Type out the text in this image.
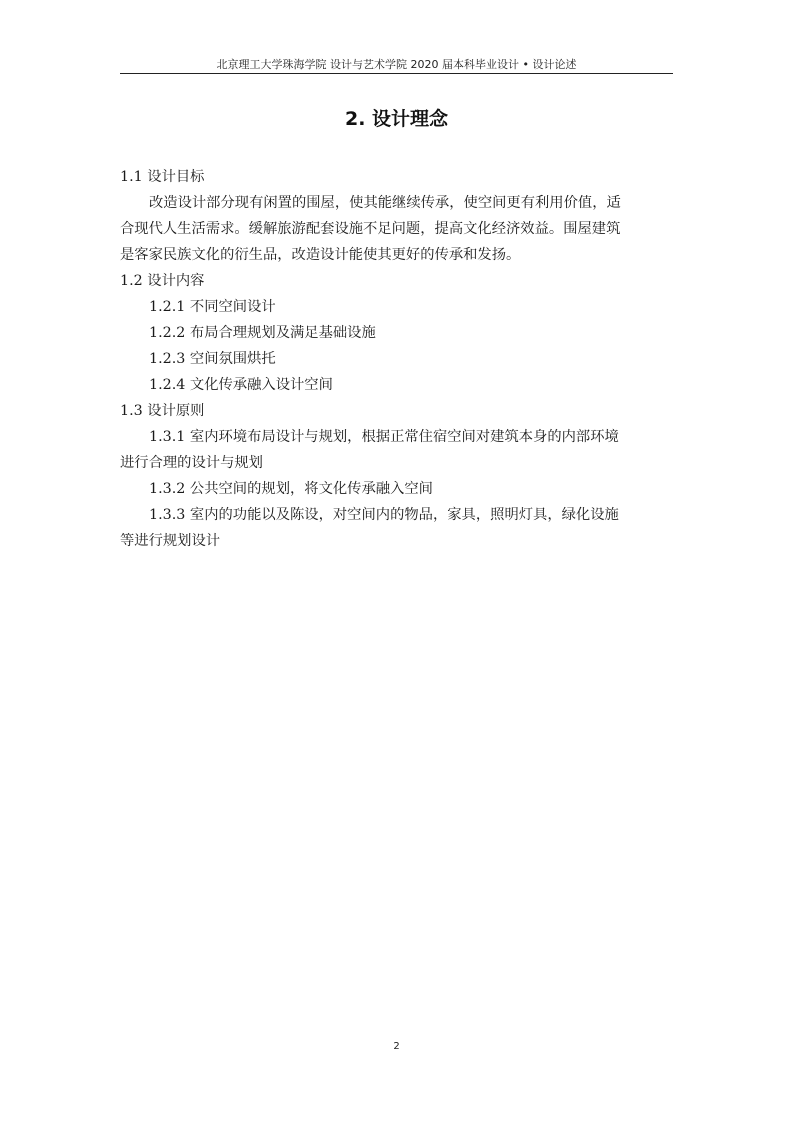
北京理工大学珠海学院 设计与艺术学院 2020 届本科毕业设计 • 设计论述
2. 设计理念
1.1 设计目标
改造设计部分现有闲置的围屋，使其能继续传承，使空间更有利用价值，适
合现代人生活需求。缓解旅游配套设施不足问题，提高文化经济效益。围屋建筑
是客家民族文化的衍生品，改造设计能使其更好的传承和发扬。
1.2 设计内容
1.2.1 不同空间设计
1.2.2 布局合理规划及满足基础设施
1.2.3 空间氛围烘托
1.2.4 文化传承融入设计空间
1.3 设计原则
1.3.1 室内环境布局设计与规划，根据正常住宿空间对建筑本身的内部环境
进行合理的设计与规划
1.3.2 公共空间的规划，将文化传承融入空间
1.3.3 室内的功能以及陈设，对空间内的物品，家具，照明灯具，绿化设施
等进行规划设计
2
